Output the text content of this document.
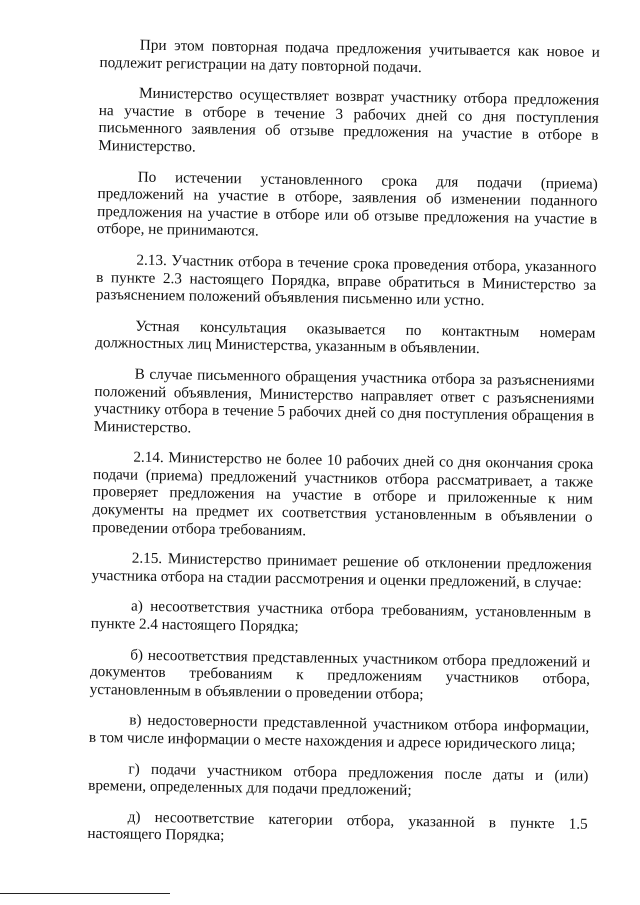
При этом повторная подача предложения учитывается как новое и подлежит регистрации на дату повторной подачи.

Министерство осуществляет возврат участнику отбора предложения на участие в отборе в течение 3 рабочих дней со дня поступления письменного заявления об отзыве предложения на участие в отборе в Министерство.

По истечении установленного срока для подачи (приема) предложений на участие в отборе, заявления об изменении поданного предложения на участие в отборе или об отзыве предложения на участие в отборе, не принимаются.

2.13. Участник отбора в течение срока проведения отбора, указанного в пункте 2.3 настоящего Порядка, вправе обратиться в Министерство за разъяснением положений объявления письменно или устно.

Устная консультация оказывается по контактным номерам должностных лиц Министерства, указанным в объявлении.

В случае письменного обращения участника отбора за разъяснениями положений объявления, Министерство направляет ответ с разъяснениями участнику отбора в течение 5 рабочих дней со дня поступления обращения в Министерство.

2.14. Министерство не более 10 рабочих дней со дня окончания срока подачи (приема) предложений участников отбора рассматривает, а также проверяет предложения на участие в отборе и приложенные к ним документы на предмет их соответствия установленным в объявлении о проведении отбора требованиям.

2.15. Министерство принимает решение об отклонении предложения участника отбора на стадии рассмотрения и оценки предложений, в случае:

а) несоответствия участника отбора требованиям, установленным в пункте 2.4 настоящего Порядка;

б) несоответствия представленных участником отбора предложений и документов требованиям к предложениям участников отбора, установленным в объявлении о проведении отбора;

в) недостоверности представленной участником отбора информации, в том числе информации о месте нахождения и адресе юридического лица;

г) подачи участником отбора предложения после даты и (или) времени, определенных для подачи предложений;

д) несоответствие категории отбора, указанной в пункте 1.5 настоящего Порядка;
